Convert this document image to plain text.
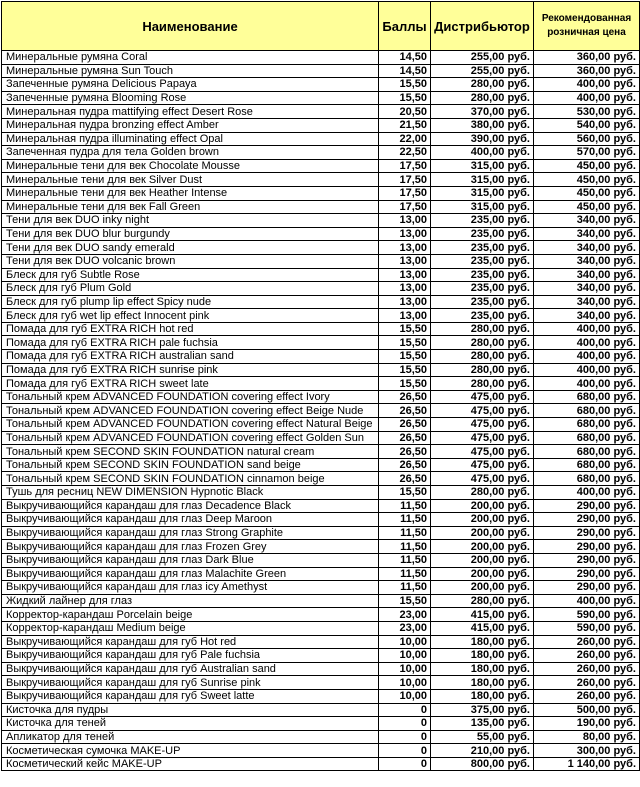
Наименование	Баллы	Дистрибьютор	Рекомендованная розничная цена
Минеральные румяна Coral	14,50	255,00 руб.	360,00 руб.
Минеральные румяна Sun Touch	14,50	255,00 руб.	360,00 руб.
Запеченные румяна Delicious Papaya	15,50	280,00 руб.	400,00 руб.
Запеченные румяна Blooming Rose	15,50	280,00 руб.	400,00 руб.
Минеральная пудра mattifying effect Desert Rose	20,50	370,00 руб.	530,00 руб.
Минеральная пудра bronzing effect Amber	21,50	380,00 руб.	540,00 руб.
Минеральная пудра illuminating effect Opal	22,00	390,00 руб.	560,00 руб.
Запеченная пудра для тела Golden brown	22,50	400,00 руб.	570,00 руб.
Минеральные тени для век Chocolate Mousse	17,50	315,00 руб.	450,00 руб.
Минеральные тени для век Silver Dust	17,50	315,00 руб.	450,00 руб.
Минеральные тени для век Heather Intense	17,50	315,00 руб.	450,00 руб.
Минеральные тени для век Fall Green	17,50	315,00 руб.	450,00 руб.
Тени для век DUO inky night	13,00	235,00 руб.	340,00 руб.
Тени для век DUO blur burgundy	13,00	235,00 руб.	340,00 руб.
Тени для век DUO sandy emerald	13,00	235,00 руб.	340,00 руб.
Тени для век DUO volcanic brown	13,00	235,00 руб.	340,00 руб.
Блеск для губ Subtle Rose	13,00	235,00 руб.	340,00 руб.
Блеск для губ Plum Gold	13,00	235,00 руб.	340,00 руб.
Блеск для губ plump lip effect Spicy nude	13,00	235,00 руб.	340,00 руб.
Блеск для губ wet lip effect Innocent pink	13,00	235,00 руб.	340,00 руб.
Помада для губ EXTRA RICH hot red	15,50	280,00 руб.	400,00 руб.
Помада для губ EXTRA RICH pale fuchsia	15,50	280,00 руб.	400,00 руб.
Помада для губ EXTRA RICH australian sand	15,50	280,00 руб.	400,00 руб.
Помада для губ EXTRA RICH sunrise pink	15,50	280,00 руб.	400,00 руб.
Помада для губ EXTRA RICH sweet late	15,50	280,00 руб.	400,00 руб.
Тональный крем ADVANCED FOUNDATION covering effect Ivory	26,50	475,00 руб.	680,00 руб.
Тональный крем ADVANCED FOUNDATION covering effect Beige Nude	26,50	475,00 руб.	680,00 руб.
Тональный крем ADVANCED FOUNDATION covering effect Natural Beige	26,50	475,00 руб.	680,00 руб.
Тональный крем ADVANCED FOUNDATION covering effect Golden Sun	26,50	475,00 руб.	680,00 руб.
Тональный крем SECOND SKIN FOUNDATION natural cream	26,50	475,00 руб.	680,00 руб.
Тональный крем SECOND SKIN FOUNDATION sand beige	26,50	475,00 руб.	680,00 руб.
Тональный крем SECOND SKIN FOUNDATION cinnamon beige	26,50	475,00 руб.	680,00 руб.
Тушь для ресниц NEW DIMENSION Hypnotic Black	15,50	280,00 руб.	400,00 руб.
Выкручивающийся карандаш для глаз Decadence Black	11,50	200,00 руб.	290,00 руб.
Выкручивающийся карандаш для глаз Deep Maroon	11,50	200,00 руб.	290,00 руб.
Выкручивающийся карандаш для глаз Strong Graphite	11,50	200,00 руб.	290,00 руб.
Выкручивающийся карандаш для глаз Frozen Grey	11,50	200,00 руб.	290,00 руб.
Выкручивающийся карандаш для глаз Dark Blue	11,50	200,00 руб.	290,00 руб.
Выкручивающийся карандаш для глаз Malachite Green	11,50	200,00 руб.	290,00 руб.
Выкручивающийся карандаш для глаз icy Amethyst	11,50	200,00 руб.	290,00 руб.
Жидкий лайнер для глаз	15,50	280,00 руб.	400,00 руб.
Корректор-карандаш Porcelain beige	23,00	415,00 руб.	590,00 руб.
Корректор-карандаш Medium beige	23,00	415,00 руб.	590,00 руб.
Выкручивающийся карандаш для губ Hot red	10,00	180,00 руб.	260,00 руб.
Выкручивающийся карандаш для губ Pale fuchsia	10,00	180,00 руб.	260,00 руб.
Выкручивающийся карандаш для губ Australian sand	10,00	180,00 руб.	260,00 руб.
Выкручивающийся карандаш для губ Sunrise pink	10,00	180,00 руб.	260,00 руб.
Выкручивающийся карандаш для губ Sweet latte	10,00	180,00 руб.	260,00 руб.
Кисточка для пудры	0	375,00 руб.	500,00 руб.
Кисточка для теней	0	135,00 руб.	190,00 руб.
Апликатор для теней	0	55,00 руб.	80,00 руб.
Косметическая сумочка MAKE-UP	0	210,00 руб.	300,00 руб.
Косметический кейс MAKE-UP	0	800,00 руб.	1 140,00 руб.
